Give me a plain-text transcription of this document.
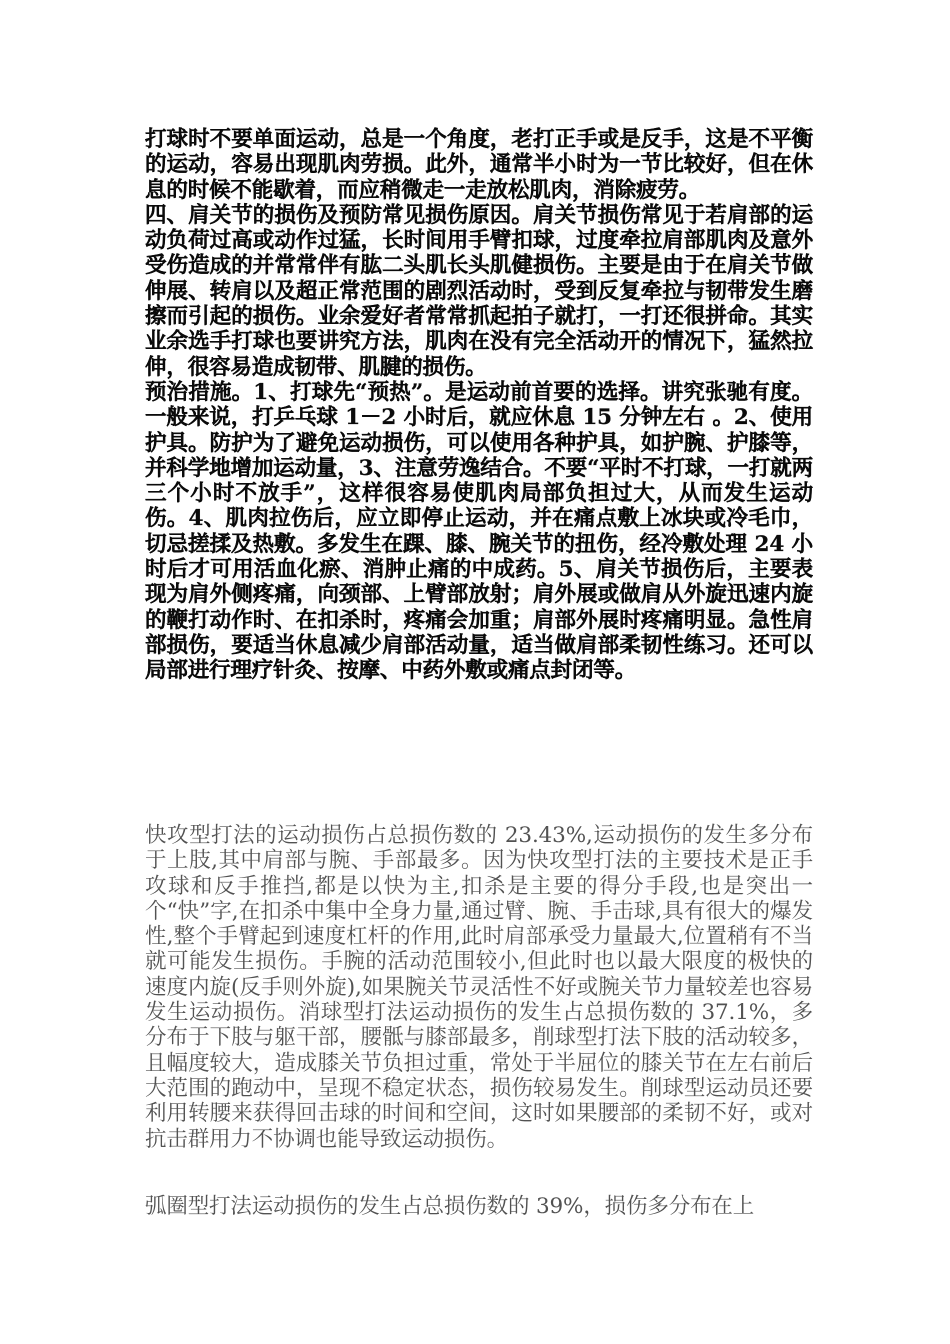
打球时不要单面运动，总是一个角度，老打正手或是反手，这是不平衡的运动，容易出现肌肉劳损。此外，通常半小时为一节比较好，但在休息的时候不能歇着，而应稍微走一走放松肌肉，消除疲劳。

四、肩关节的损伤及预防常见损伤原因。肩关节损伤常见于若肩部的运动负荷过高或动作过猛，长时间用手臂扣球，过度牵拉肩部肌肉及意外受伤造成的并常常伴有肱二头肌长头肌健损伤。主要是由于在肩关节做伸展、转肩以及超正常范围的剧烈活动时，受到反复牵拉与韧带发生磨擦而引起的损伤。业余爱好者常常抓起拍子就打，一打还很拼命。其实业余选手打球也要讲究方法，肌肉在没有完全活动开的情况下，猛然拉伸，很容易造成韧带、肌腱的损伤。

预治措施。1、打球先“预热”。是运动前首要的选择。讲究张驰有度。一般来说，打乒乓球 1－2 小时后，就应休息 15 分钟左右 。2、使用护具。防护为了避免运动损伤，可以使用各种护具，如护腕、护膝等，并科学地增加运动量，3、注意劳逸结合。不要“平时不打球，一打就两三个小时不放手”，这样很容易使肌肉局部负担过大，从而发生运动伤。4、肌肉拉伤后，应立即停止运动，并在痛点敷上冰块或冷毛巾，切忌搓揉及热敷。多发生在踝、膝、腕关节的扭伤，经冷敷处理 24 小时后才可用活血化瘀、消肿止痛的中成药。5、肩关节损伤后，主要表现为肩外侧疼痛，向颈部、上臂部放射；肩外展或做肩从外旋迅速内旋的鞭打动作时、在扣杀时，疼痛会加重；肩部外展时疼痛明显。急性肩部损伤，要适当休息减少肩部活动量，适当做肩部柔韧性练习。还可以局部进行理疗针灸、按摩、中药外敷或痛点封闭等。

快攻型打法的运动损伤占总损伤数的 23.43%,运动损伤的发生多分布于上肢,其中肩部与腕、手部最多。因为快攻型打法的主要技术是正手攻球和反手推挡,都是以快为主,扣杀是主要的得分手段,也是突出一个“快”字,在扣杀中集中全身力量,通过臂、腕、手击球,具有很大的爆发性,整个手臂起到速度杠杆的作用,此时肩部承受力量最大,位置稍有不当就可能发生损伤。手腕的活动范围较小,但此时也以最大限度的极快的速度内旋(反手则外旋),如果腕关节灵活性不好或腕关节力量较差也容易发生运动损伤。消球型打法运动损伤的发生占总损伤数的 37.1%，多分布于下肢与躯干部，腰骶与膝部最多，削球型打法下肢的活动较多，且幅度较大，造成膝关节负担过重，常处于半屈位的膝关节在左右前后大范围的跑动中，呈现不稳定状态，损伤较易发生。削球型运动员还要利用转腰来获得回击球的时间和空间，这时如果腰部的柔韧不好，或对抗击群用力不协调也能导致运动损伤。

弧圈型打法运动损伤的发生占总损伤数的 39%，损伤多分布在上
